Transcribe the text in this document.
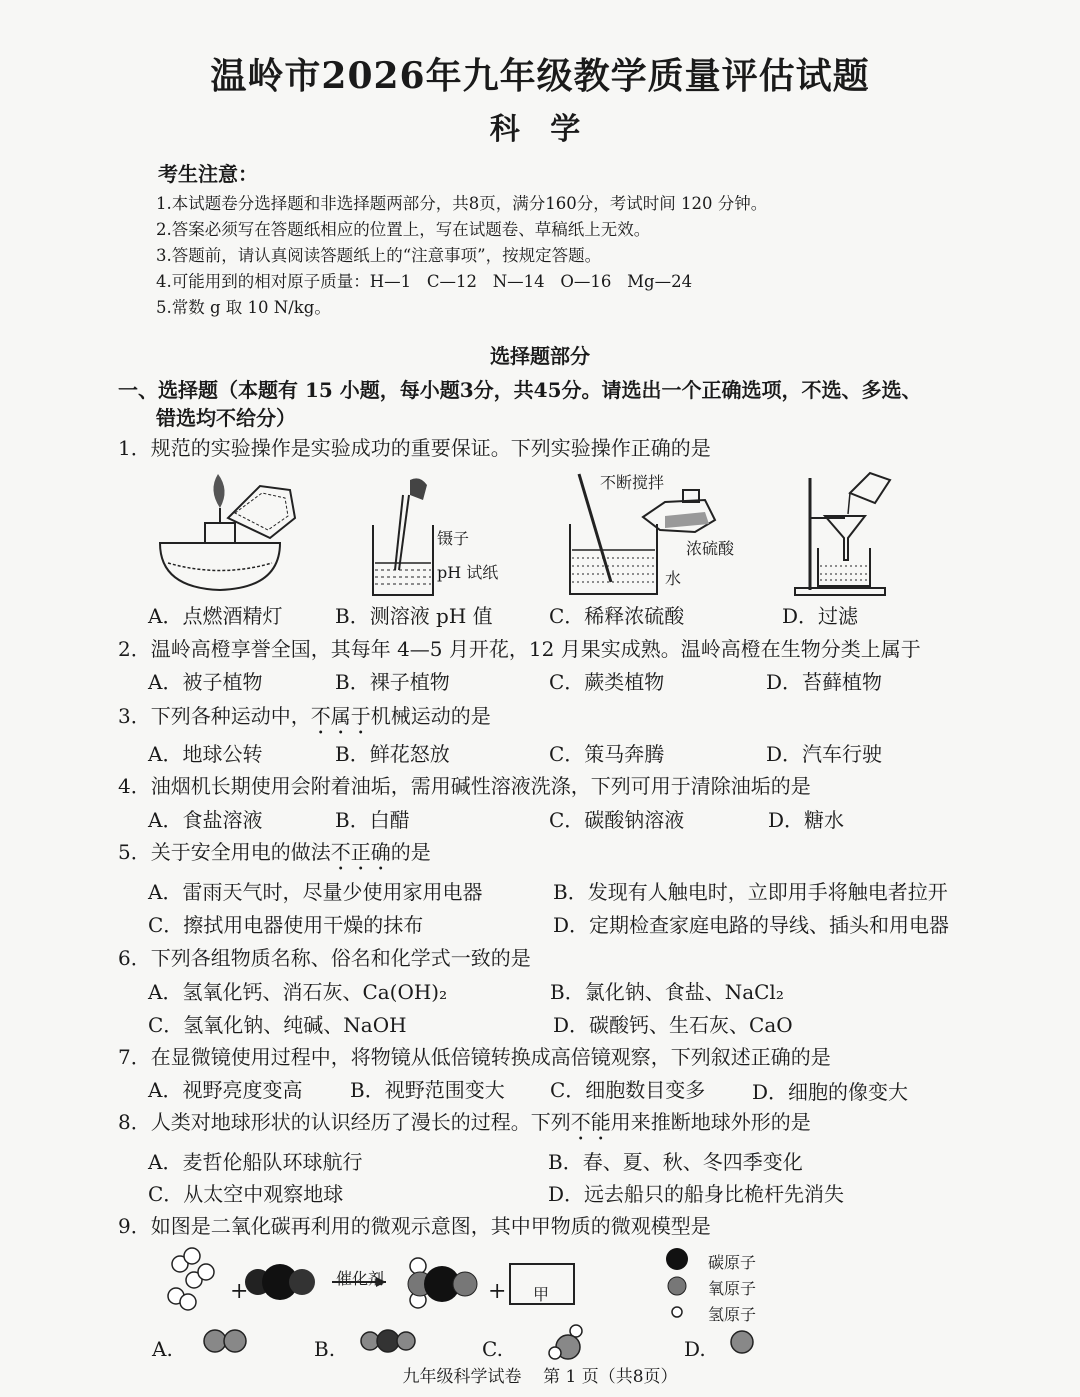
温岭市2026年九年级教学质量评估试题
科 学
考生注意：
1.本试题卷分选择题和非选择题两部分，共8页，满分160分，考试时间 120 分钟。
2.答案必须写在答题纸相应的位置上，写在试题卷、草稿纸上无效。
3.答题前，请认真阅读答题纸上的“注意事项”，按规定答题。
4.可能用到的相对原子质量：H—1   C—12   N—14   O—16   Mg—24
5.常数 g 取 10 N/kg。
选择题部分
一、选择题（本题有 15 小题，每小题3分，共45分。请选出一个正确选项，不选、多选、
错选均不给分）
1．规范的实验操作是实验成功的重要保证。下列实验操作正确的是
镊子
pH 试纸
不断搅拌
浓硫酸
水
A．点燃酒精灯	B．测溶液 pH 值	C．稀释浓硫酸	D．过滤
2．温岭高橙享誉全国，其每年 4—5 月开花，12 月果实成熟。温岭高橙在生物分类上属于
A．被子植物	B．裸子植物	C．蕨类植物	D．苔藓植物
3．下列各种运动中，不属于机械运动的是
A．地球公转	B．鲜花怒放	C．策马奔腾	D．汽车行驶
4．油烟机长期使用会附着油垢，需用碱性溶液洗涤，下列可用于清除油垢的是
A．食盐溶液	B．白醋	C．碳酸钠溶液	D．糖水
5．关于安全用电的做法不正确的是
A．雷雨天气时，尽量少使用家用电器	B．发现有人触电时，立即用手将触电者拉开
C．擦拭用电器使用干燥的抹布	D．定期检查家庭电路的导线、插头和用电器
6．下列各组物质名称、俗名和化学式一致的是
A．氢氧化钙、消石灰、Ca(OH)₂	B．氯化钠、食盐、NaCl₂
C．氢氧化钠、纯碱、NaOH	D．碳酸钙、生石灰、CaO
7．在显微镜使用过程中，将物镜从低倍镜转换成高倍镜观察，下列叙述正确的是
A．视野亮度变高 B．视野范围变大 C．细胞数目变多 D．细胞的像变大
8．人类对地球形状的认识经历了漫长的过程。下列不能用来推断地球外形的是
A．麦哲伦船队环球航行	B．春、夏、秋、冬四季变化
C．从太空中观察地球	D．远去船只的船身比桅杆先消失
9．如图是二氧化碳再利用的微观示意图，其中甲物质的微观模型是
+	+
催化剂
甲
碳原子
氧原子
氢原子
A.	B.	C.	D.
九年级科学试卷    第 1 页（共8页）
